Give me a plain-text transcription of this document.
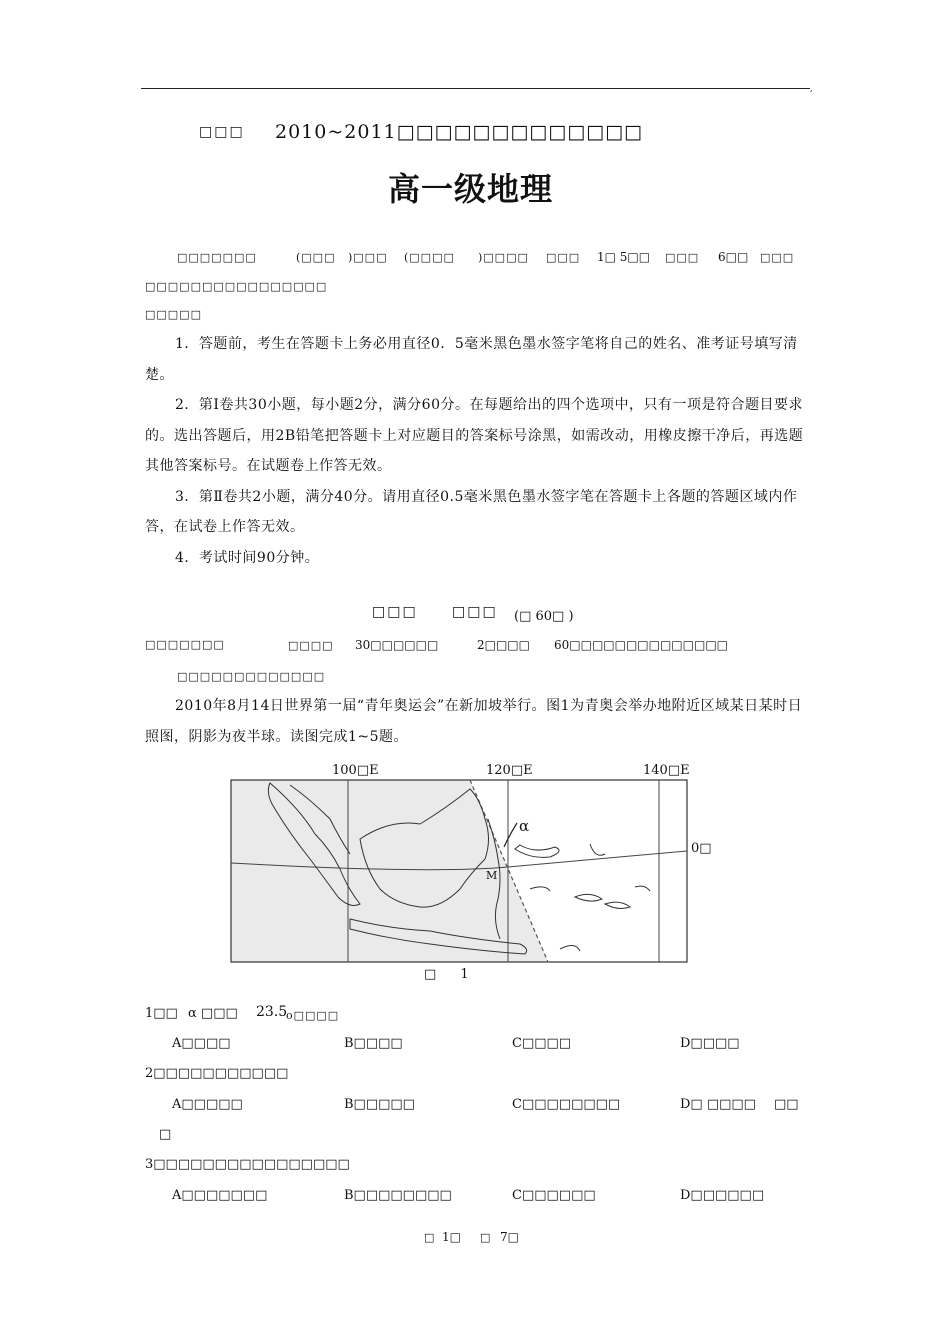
,
□□□ 2010~2011□□□□□□□□□□□□□
高一级地理
□□□□□□□	(□□□ )□□□ (□□□□ )□□□□ □□□ 1□ 5□□ □□□ 6□□ □□□
□□□□□□□□□□□□□□□□
□□□□□
1．答题前，考生在答题卡上务必用直径0．5毫米黑色墨水签字笔将自己的姓名、准考证号填写清楚。
2．第Ⅰ卷共30小题，每小题2分，满分60分。在每题给出的四个选项中，只有一项是符合题目要求的。选出答题后，用2B铅笔把答题卡上对应题目的答案标号涂黑，如需改动，用橡皮擦干净后，再选题其他答案标号。在试题卷上作答无效。
3．第Ⅱ卷共2小题，满分40分。请用直径0.5毫米黑色墨水签字笔在答题卡上各题的答题区域内作答，在试卷上作答无效。
4．考试时间90分钟。
□□□ □□□ (□ 60□ )
□□□□□□□	□□□□ 30□□□□□□	2□□□□ 60□□□□□□□□□□□□□□
□□□□□□□□□□□□□
2010年8月14日世界第一届“青年奥运会”在新加坡举行。图1为青奥会举办地附近区域某日某时日照图，阴影为夜半球。读图完成1~5题。
100□E	120□E	140□E
0□
α
M
□ 1
1□□ α □□□ 23.5
o□□□□
A□□□□	B□□□□	C□□□□	D□□□□
2□□□□□□□□□□□
A□□□□□	B□□□□□	C□□□□□□□□	D□ □□□□ □□
□
3□□□□□□□□□□□□□□□□
A□□□□□□□	B□□□□□□□□	C□□□□□□	D□□□□□□
□ 1□ □ 7□
